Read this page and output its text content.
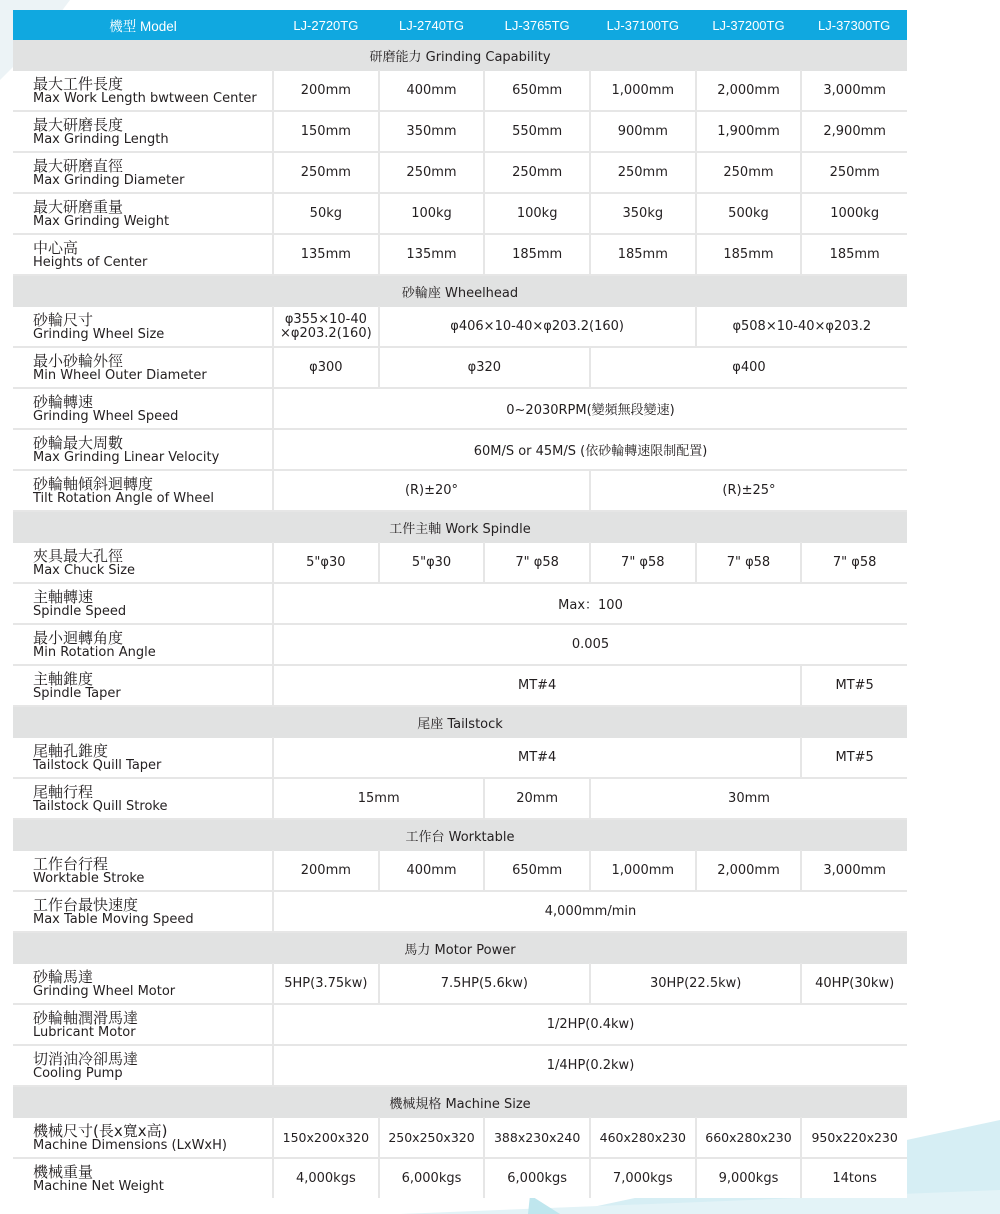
機型 Model	LJ-2720TG	LJ-2740TG	LJ-3765TG	LJ-37100TG	LJ-37200TG	LJ-37300TG
研磨能力 Grinding Capability						

最大工件長度
Max Work Length bwtween Center	200mm	400mm	650mm	1,000mm	2,000mm	3,000mm

最大研磨長度
Max Grinding Length	150mm	350mm	550mm	900mm	1,900mm	2,900mm

最大研磨直徑
Max Grinding Diameter	250mm	250mm	250mm	250mm	250mm	250mm

最大研磨重量
Max Grinding Weight	50kg	100kg	100kg	350kg	500kg	1000kg

中心高
Heights of Center	135mm	135mm	185mm	185mm	185mm	185mm
砂輪座 Wheelhead						

砂輪尺寸
Grinding Wheel Size	φ355×10-40 ×φ203.2(160)	φ406×10-40×φ203.2(160)			φ508×10-40×φ203.2	

最小砂輪外徑
Min Wheel Outer Diameter	φ300	φ320		φ400		

砂輪轉速
Grinding Wheel Speed	0~2030RPM(變頻無段變速)					

砂輪最大周數
Max Grinding Linear Velocity	60M/S or 45M/S (依砂輪轉速限制配置)					

砂輪軸傾斜迴轉度
Tilt Rotation Angle of Wheel	(R)±20°			(R)±25°		
工件主軸 Work Spindle						

夾具最大孔徑
Max Chuck Size	5"φ30	5"φ30	7" φ58	7" φ58	7" φ58	7" φ58

主軸轉速
Spindle Speed	Max：100					

最小迴轉角度
Min Rotation Angle	0.005					

主軸錐度
Spindle Taper	MT#4					MT#5
尾座 Tailstock						

尾軸孔錐度
Tailstock Quill Taper	MT#4					MT#5

尾軸行程
Tailstock Quill Stroke	15mm		20mm	30mm		
工作台 Worktable						

工作台行程
Worktable Stroke	200mm	400mm	650mm	1,000mm	2,000mm	3,000mm

工作台最快速度
Max Table Moving Speed	4,000mm/min					
馬力 Motor Power						

砂輪馬達
Grinding Wheel Motor	5HP(3.75kw)	7.5HP(5.6kw)		30HP(22.5kw)		40HP(30kw)

砂輪軸潤滑馬達
Lubricant Motor	1/2HP(0.4kw)					

切消油冷卻馬達
Cooling Pump	1/4HP(0.2kw)					
機械規格 Machine Size						

機械尺寸(長x寬x高)
Machine Dimensions (LxWxH)	150x200x320	250x250x320	388x230x240	460x280x230	660x280x230	950x220x230

機械重量
Machine Net Weight	4,000kgs	6,000kgs	6,000kgs	7,000kgs	9,000kgs	14tons
